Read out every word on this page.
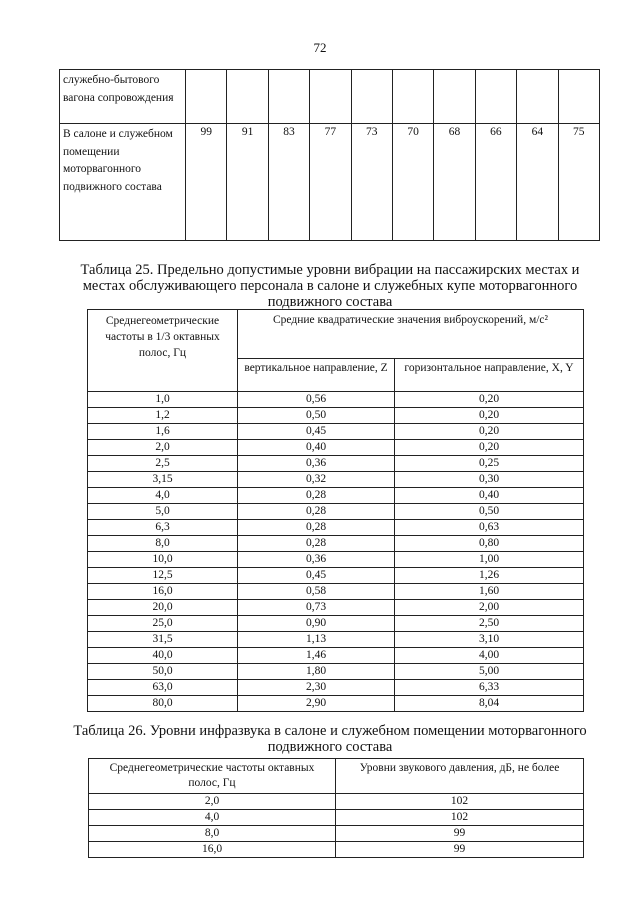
72
служебно-бытового вагона сопровождения										
В салоне и служебном помещении моторвагонного подвижного состава	99	91	83	77	73	70	68	66	64	75
Таблица 25. Предельно допустимые уровни вибрации на пассажирских местах и местах обслуживающего персонала в салоне и служебных купе моторвагонного подвижного состава
Среднегеометрические частоты в 1/3 октавных полос, Гц	Средние квадратические значения виброускорений, м/с²	
	вертикальное направление, Z	горизонтальное направление, X, Y
1,0	0,56	0,20
1,2	0,50	0,20
1,6	0,45	0,20
2,0	0,40	0,20
2,5	0,36	0,25
3,15	0,32	0,30
4,0	0,28	0,40
5,0	0,28	0,50
6,3	0,28	0,63
8,0	0,28	0,80
10,0	0,36	1,00
12,5	0,45	1,26
16,0	0,58	1,60
20,0	0,73	2,00
25,0	0,90	2,50
31,5	1,13	3,10
40,0	1,46	4,00
50,0	1,80	5,00
63,0	2,30	6,33
80,0	2,90	8,04
Таблица 26. Уровни инфразвука в салоне и служебном помещении моторвагонного подвижного состава
Среднегеометрические частоты октавных полос, Гц	Уровни звукового давления, дБ, не более
2,0	102
4,0	102
8,0	99
16,0	99
